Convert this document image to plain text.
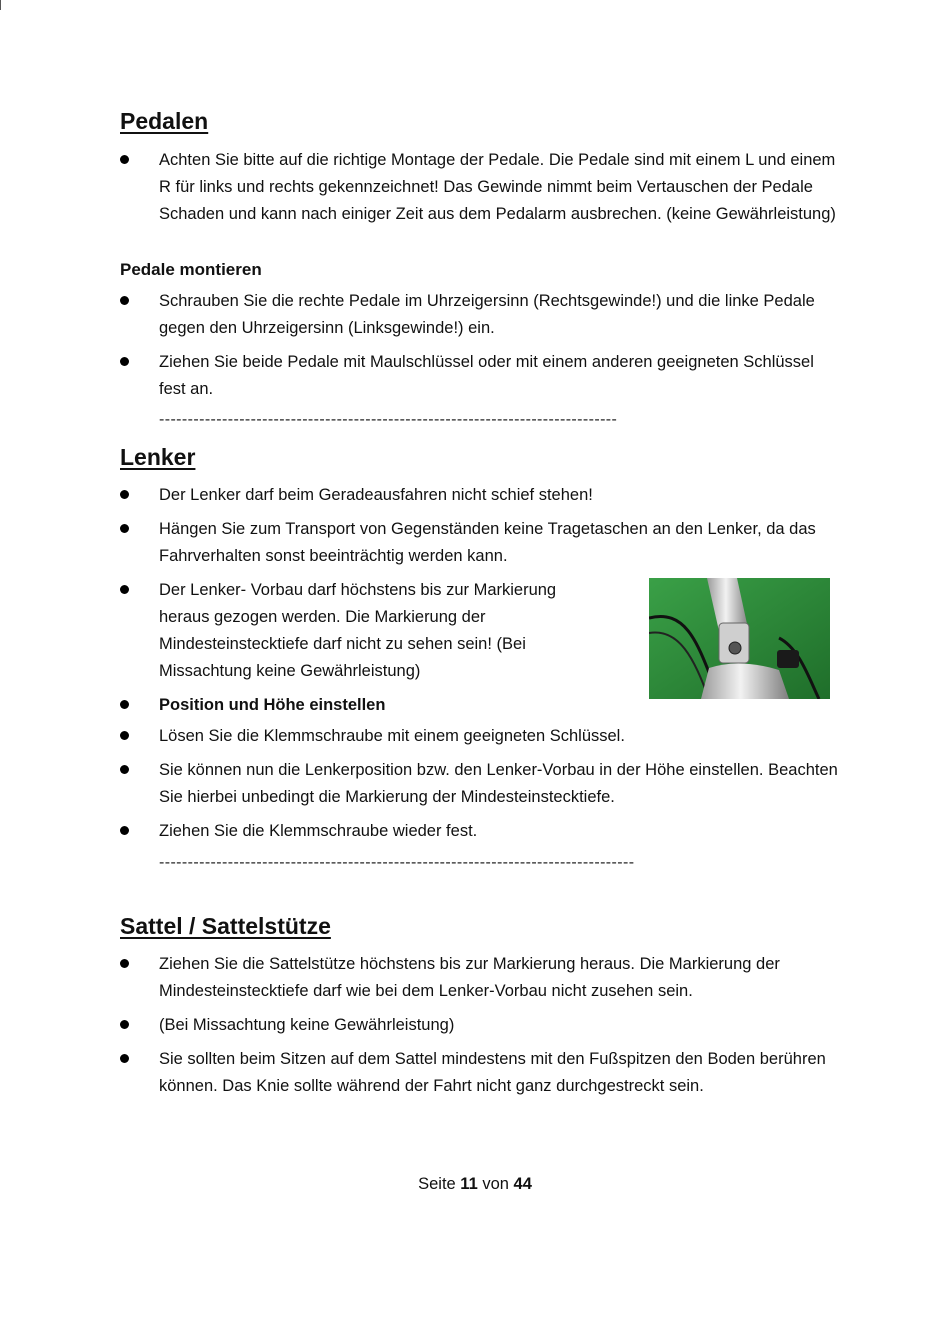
Pedalen
Achten Sie bitte auf die richtige Montage der Pedale. Die Pedale sind mit einem L und einem R für links und rechts gekennzeichnet! Das Gewinde nimmt beim Vertauschen der Pedale Schaden und kann nach einiger Zeit aus dem Pedalarm ausbrechen. (keine Gewährleistung)
Pedale montieren
Schrauben Sie die rechte Pedale im Uhrzeigersinn (Rechtsgewinde!) und die linke Pedale gegen den Uhrzeigersinn (Linksgewinde!) ein.
Ziehen Sie beide Pedale mit Maulschlüssel oder mit einem anderen geeigneten Schlüssel fest an.
--------------------------------------------------------------------------------
Lenker
Der Lenker darf beim Geradeausfahren nicht schief stehen!
Hängen Sie zum Transport von Gegenständen keine Tragetaschen an den Lenker, da das Fahrverhalten sonst beeinträchtig werden kann.
Der Lenker- Vorbau darf höchstens bis zur Markierung heraus gezogen werden. Die Markierung der Mindesteinstecktiefe darf nicht zu sehen sein! (Bei Missachtung keine Gewährleistung)
Position und Höhe einstellen
Lösen Sie die Klemmschraube mit einem geeigneten Schlüssel.
Sie können nun die Lenkerposition bzw. den Lenker-Vorbau in der Höhe einstellen. Beachten Sie hierbei unbedingt die Markierung der Mindesteinstecktiefe.
Ziehen Sie die Klemmschraube wieder fest.
-----------------------------------------------------------------------------------
Sattel / Sattelstütze
Ziehen Sie die Sattelstütze höchstens bis zur Markierung heraus. Die Markierung der Mindesteinstecktiefe darf wie bei dem Lenker-Vorbau nicht zusehen sein.
(Bei Missachtung keine Gewährleistung)
Sie sollten beim Sitzen auf dem Sattel mindestens mit den Fußspitzen den Boden berühren können. Das Knie sollte während der Fahrt nicht ganz durchgestreckt sein.
Seite 11 von 44
